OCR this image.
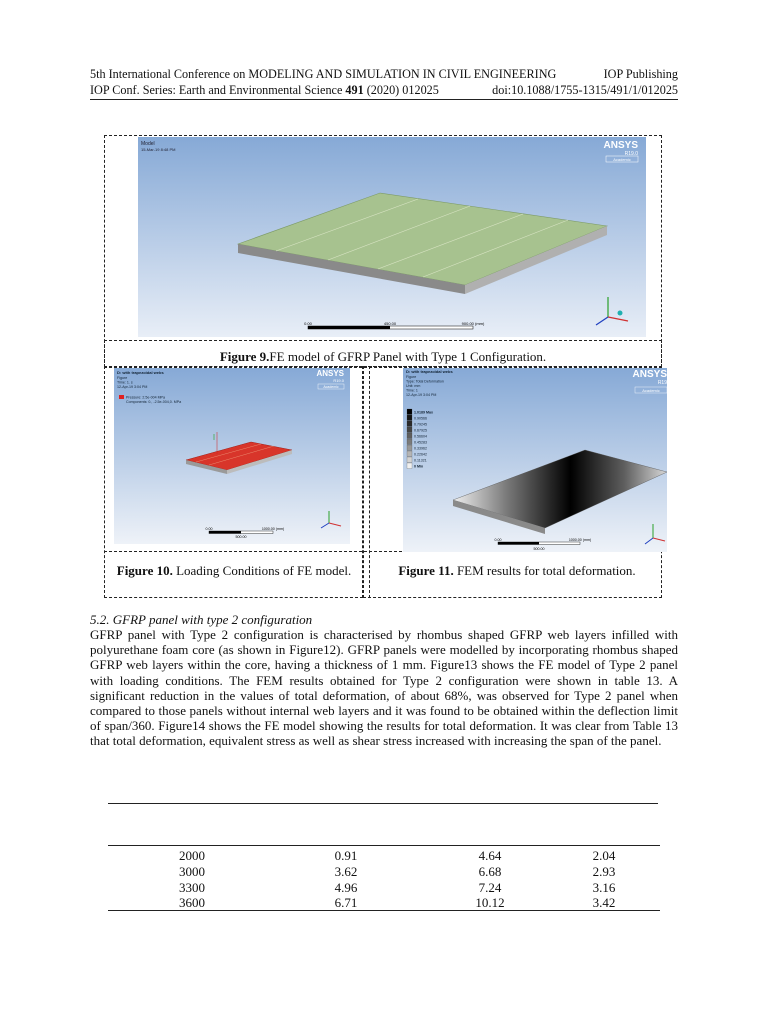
5th International Conference on MODELING AND SIMULATION IN CIVIL ENGINEERING	IOP Publishing
IOP Conf. Series: Earth and Environmental Science 491 (2020) 012025	doi:10.1088/1755-1315/491/1/012025
Model
15-Mar-19 8:48 PM	ANSYS
R19.0
Academic
0.00	450.00	900.00 (mm)
Figure 9.FE model of GFRP Panel with Type 1 Configuration.
D: with trapezoidal webs
Figure
Time: 1. s
12-Apr-19 3:04 PM
Pressure: 2.5e-004 MPa
Components: 0., -2.5e-004,0. MPa
ANSYS
R19.0
Academic
0.00	1000.00 (mm)
500.00
D: with trapezoidal webs
Figure
Type: Total Deformation
Unit: mm
Time: 1
12-Apr-19 3:04 PM
1.0189 Max
0.90566
0.79245
0.67925
0.56604
0.45283
0.33962
0.22642
0.11321
0 Min
ANSYS
R19
Academic
0.00	1000.00 (mm)
500.00
Figure 10. Loading Conditions of FE model.	Figure 11. FEM results for total deformation.
5.2. GFRP panel with type 2 configuration
GFRP panel with Type 2 configuration is characterised by rhombus shaped GFRP web layers infilled with polyurethane foam core (as shown in Figure12). GFRP panels were modelled by incorporating rhombus shaped GFRP web layers within the core, having a thickness of 1 mm. Figure13 shows the FE model of Type 2 panel with loading conditions. The FEM results obtained for Type 2 configuration were shown in table 13. A significant reduction in the values of total deformation, of about 68%, was observed for Type 2 panel when compared to those panels without internal web layers and it was found to be obtained within the deflection limit of span/360. Figure14 shows the FE model showing the results for total deformation. It was clear from Table 13 that total deformation, equivalent stress as well as shear stress increased with increasing the span of the panel.
2000	0.91	4.64	2.04
3000	3.62	6.68	2.93
3300	4.96	7.24	3.16
3600	6.71	10.12	3.42
